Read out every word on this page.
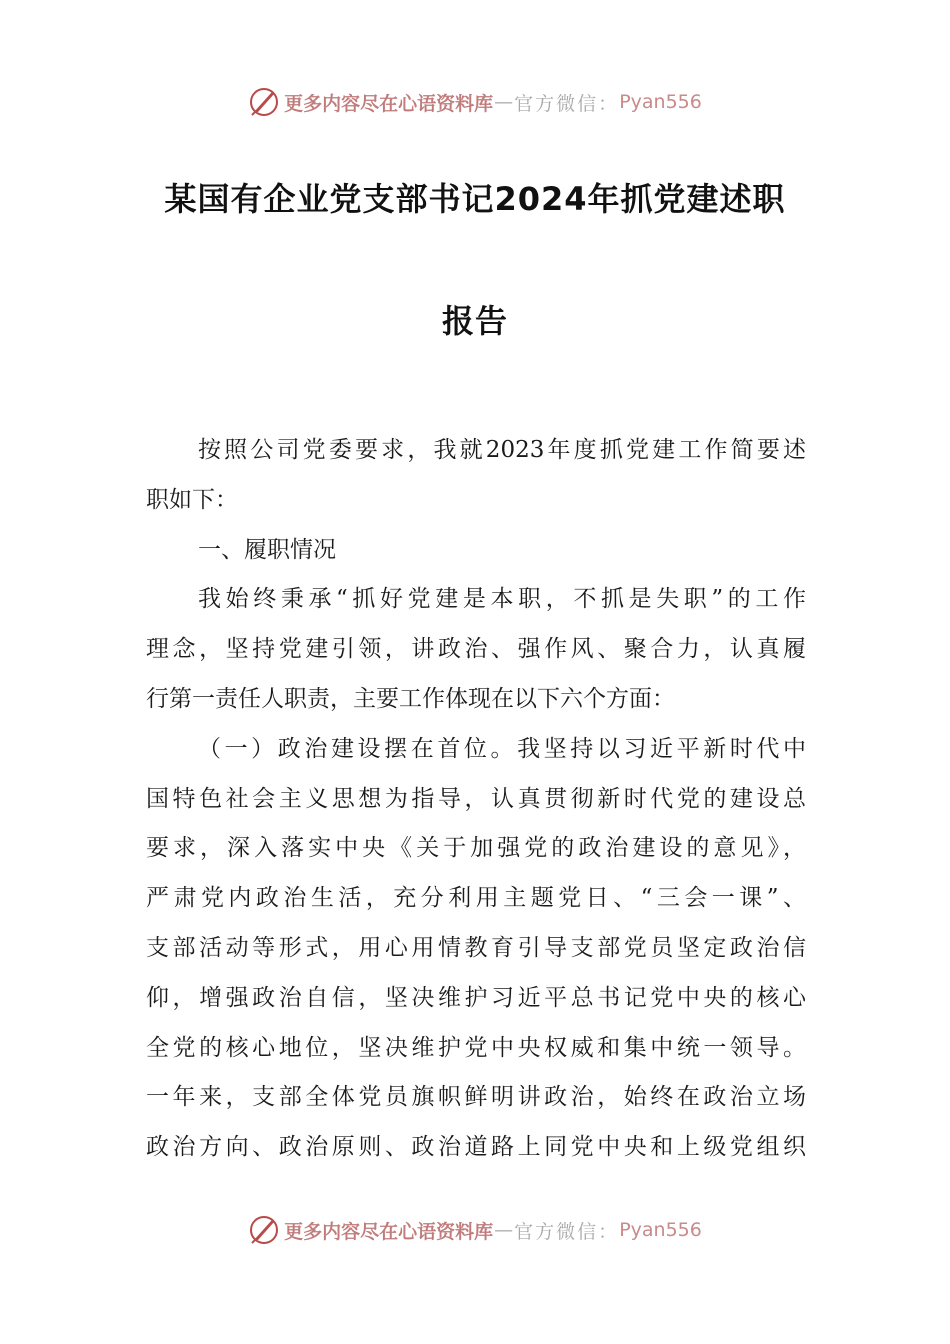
更多内容尽在心语资料库 — 官方微信： Pyan556
某国有企业党支部书记2024年抓党建述职
报告
按照公司党委要求，我就2023年度抓党建工作简要述
职如下：
一、履职情况
我始终秉承“抓好党建是本职，不抓是失职”的工作
理念，坚持党建引领，讲政治、强作风、聚合力，认真履
行第一责任人职责，主要工作体现在以下六个方面：
（一）政治建设摆在首位。我坚持以习近平新时代中
国特色社会主义思想为指导，认真贯彻新时代党的建设总
要求，深入落实中央《关于加强党的政治建设的意见》，
严肃党内政治生活，充分利用主题党日、“三会一课”、
支部活动等形式，用心用情教育引导支部党员坚定政治信
仰，增强政治自信，坚决维护习近平总书记党中央的核心
全党的核心地位，坚决维护党中央权威和集中统一领导。
一年来，支部全体党员旗帜鲜明讲政治，始终在政治立场
政治方向、政治原则、政治道路上同党中央和上级党组织
更多内容尽在心语资料库 — 官方微信： Pyan556
